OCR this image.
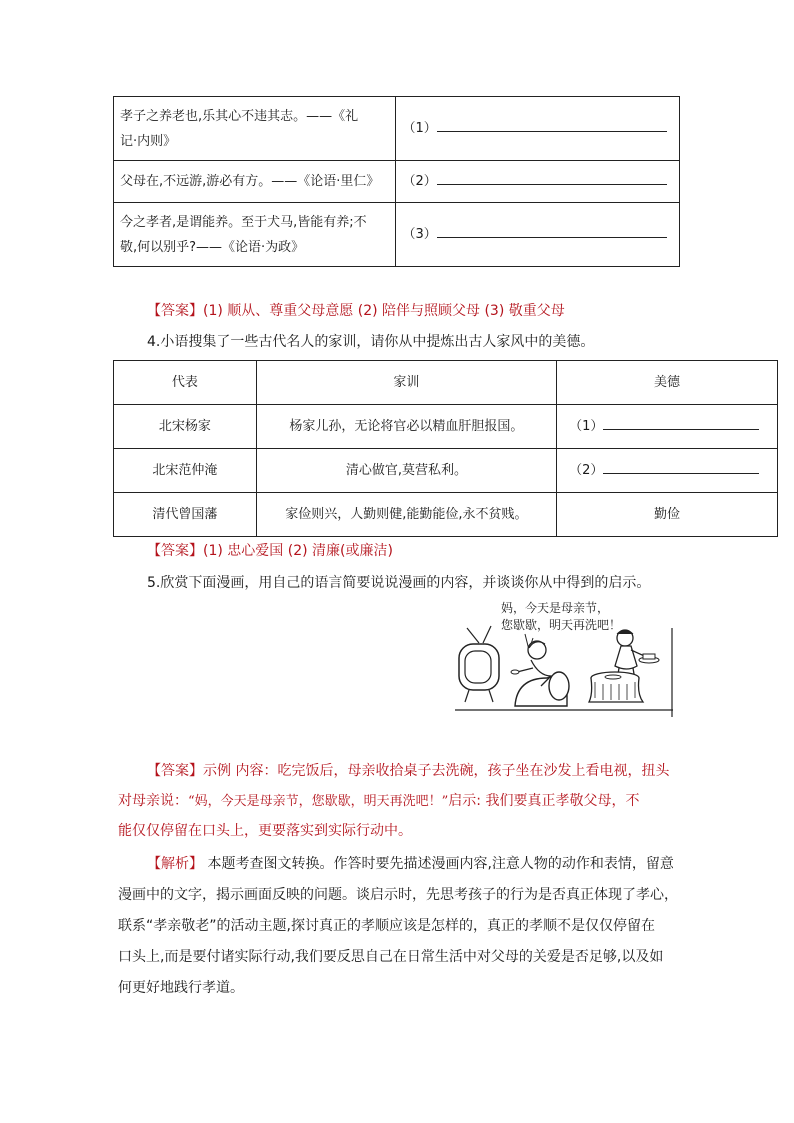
孝子之养老也,乐其心不违其志。——《礼
记·内则》	（1）

父母在,不远游,游必有方。——《论语·里仁》	（2）

今之孝者,是谓能养。至于犬马,皆能有养;不
敬,何以别乎?——《论语·为政》	（3）
【答案】(1) 顺从、尊重父母意愿 (2) 陪伴与照顾父母 (3) 敬重父母
4.小语搜集了一些古代名人的家训，请你从中提炼出古人家风中的美德。
代表	家训	美德
北宋杨家	杨家儿孙，无论将官必以精血肝胆报国。	（1）
北宋范仲淹	清心做官,莫营私利。	（2）
清代曾国藩	家俭则兴，人勤则健,能勤能俭,永不贫贱。	勤俭
【答案】(1) 忠心爱国 (2) 清廉(或廉洁)
5.欣赏下面漫画，用自己的语言简要说说漫画的内容，并谈谈你从中得到的启示。
妈，今天是母亲节，
您歇歇，明天再洗吧！
【答案】示例 内容：吃完饭后，母亲收拾桌子去洗碗，孩子坐在沙发上看电视，扭头
对母亲说：“妈，今天是母亲节，您歇歇，明天再洗吧！”启示: 我们要真正孝敬父母，不
能仅仅停留在口头上，更要落实到实际行动中。
【解析】 本题考查图文转换。作答时要先描述漫画内容,注意人物的动作和表情，留意
漫画中的文字，揭示画面反映的问题。谈启示时，先思考孩子的行为是否真正体现了孝心，
联系“孝亲敬老”的活动主题,探讨真正的孝顺应该是怎样的，真正的孝顺不是仅仅停留在
口头上,而是要付诸实际行动,我们要反思自己在日常生活中对父母的关爱是否足够,以及如
何更好地践行孝道。
